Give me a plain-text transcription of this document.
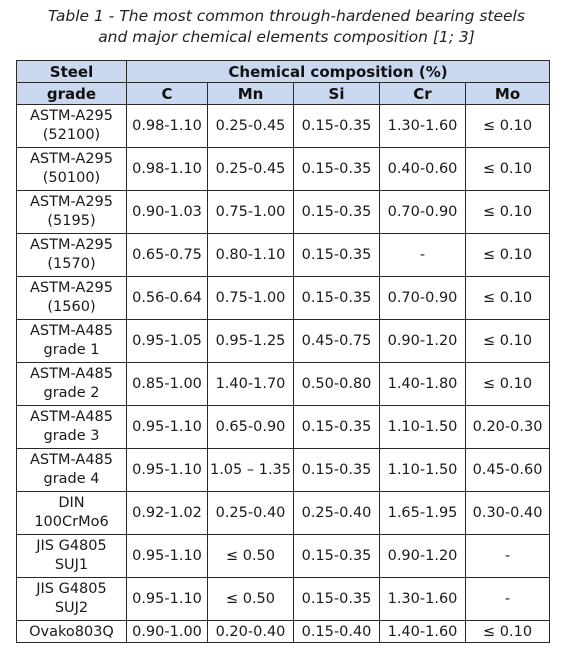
Table 1 - The most common through-hardened bearing steels
and major chemical elements composition [1; 3]
Steel	Chemical composition (%)				
grade	C	Mn	Si	Cr	Mo

ASTM-A295
(52100)	0.98-1.10	0.25-0.45	0.15-0.35	1.30-1.60	≤ 0.10

ASTM-A295
(50100)	0.98-1.10	0.25-0.45	0.15-0.35	0.40-0.60	≤ 0.10

ASTM-A295
(5195)	0.90-1.03	0.75-1.00	0.15-0.35	0.70-0.90	≤ 0.10

ASTM-A295
(1570)	0.65-0.75	0.80-1.10	0.15-0.35	-	≤ 0.10

ASTM-A295
(1560)	0.56-0.64	0.75-1.00	0.15-0.35	0.70-0.90	≤ 0.10

ASTM-A485
grade 1	0.95-1.05	0.95-1.25	0.45-0.75	0.90-1.20	≤ 0.10

ASTM-A485
grade 2	0.85-1.00	1.40-1.70	0.50-0.80	1.40-1.80	≤ 0.10

ASTM-A485
grade 3	0.95-1.10	0.65-0.90	0.15-0.35	1.10-1.50	0.20-0.30

ASTM-A485
grade 4	0.95-1.10	1.05 – 1.35	0.15-0.35	1.10-1.50	0.45-0.60

DIN
100CrMo6	0.92-1.02	0.25-0.40	0.25-0.40	1.65-1.95	0.30-0.40

JIS G4805
SUJ1	0.95-1.10	≤ 0.50	0.15-0.35	0.90-1.20	-

JIS G4805
SUJ2	0.95-1.10	≤ 0.50	0.15-0.35	1.30-1.60	-

Ovako803Q	0.90-1.00	0.20-0.40	0.15-0.40	1.40-1.60	≤ 0.10
